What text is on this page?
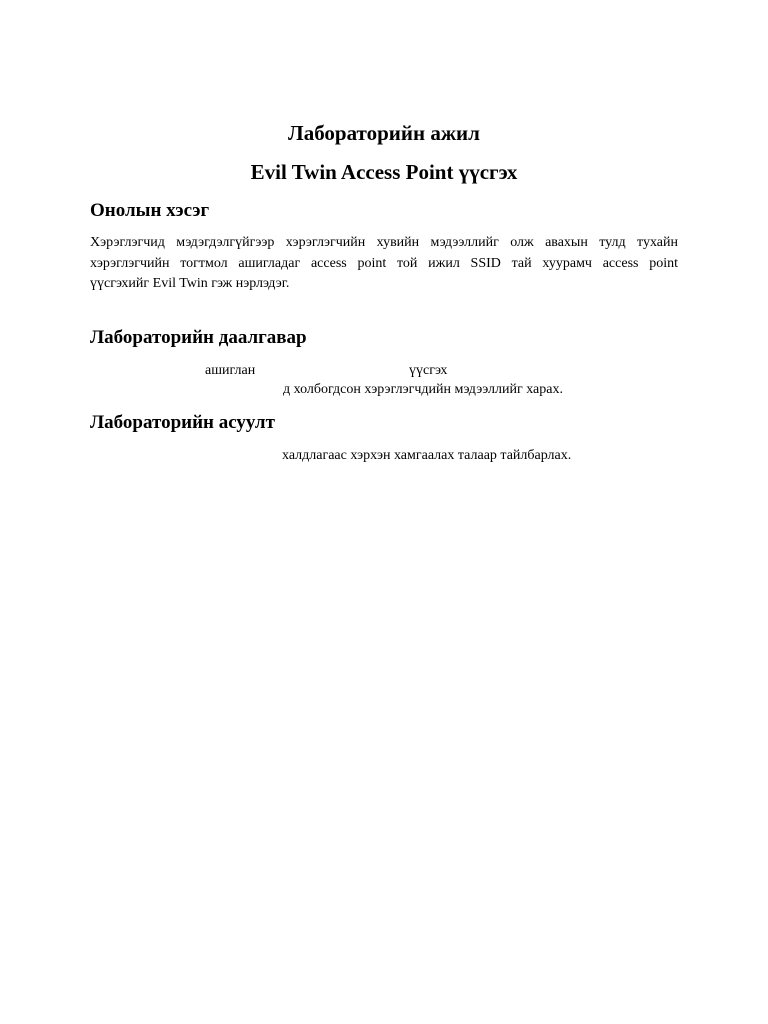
Лабораторийн ажил
Evil Twin Access Point үүсгэх
Онолын хэсэг
Хэрэглэгчид мэдэгдэлгүйгээр хэрэглэгчийн хувийн мэдээллийг олж авахын тулд тухайн
хэрэглэгчийн тогтмол ашигладаг access point той ижил SSID тай хуурамч access point
үүсгэхийг Evil Twin гэж нэрлэдэг.
Лабораторийн даалгавар
ашиглан	үүсгэх
д холбогдсон хэрэглэгчдийн мэдээллийг харах.
Лабораторийн асуулт
халдлагаас хэрхэн хамгаалах талаар тайлбарлах.
